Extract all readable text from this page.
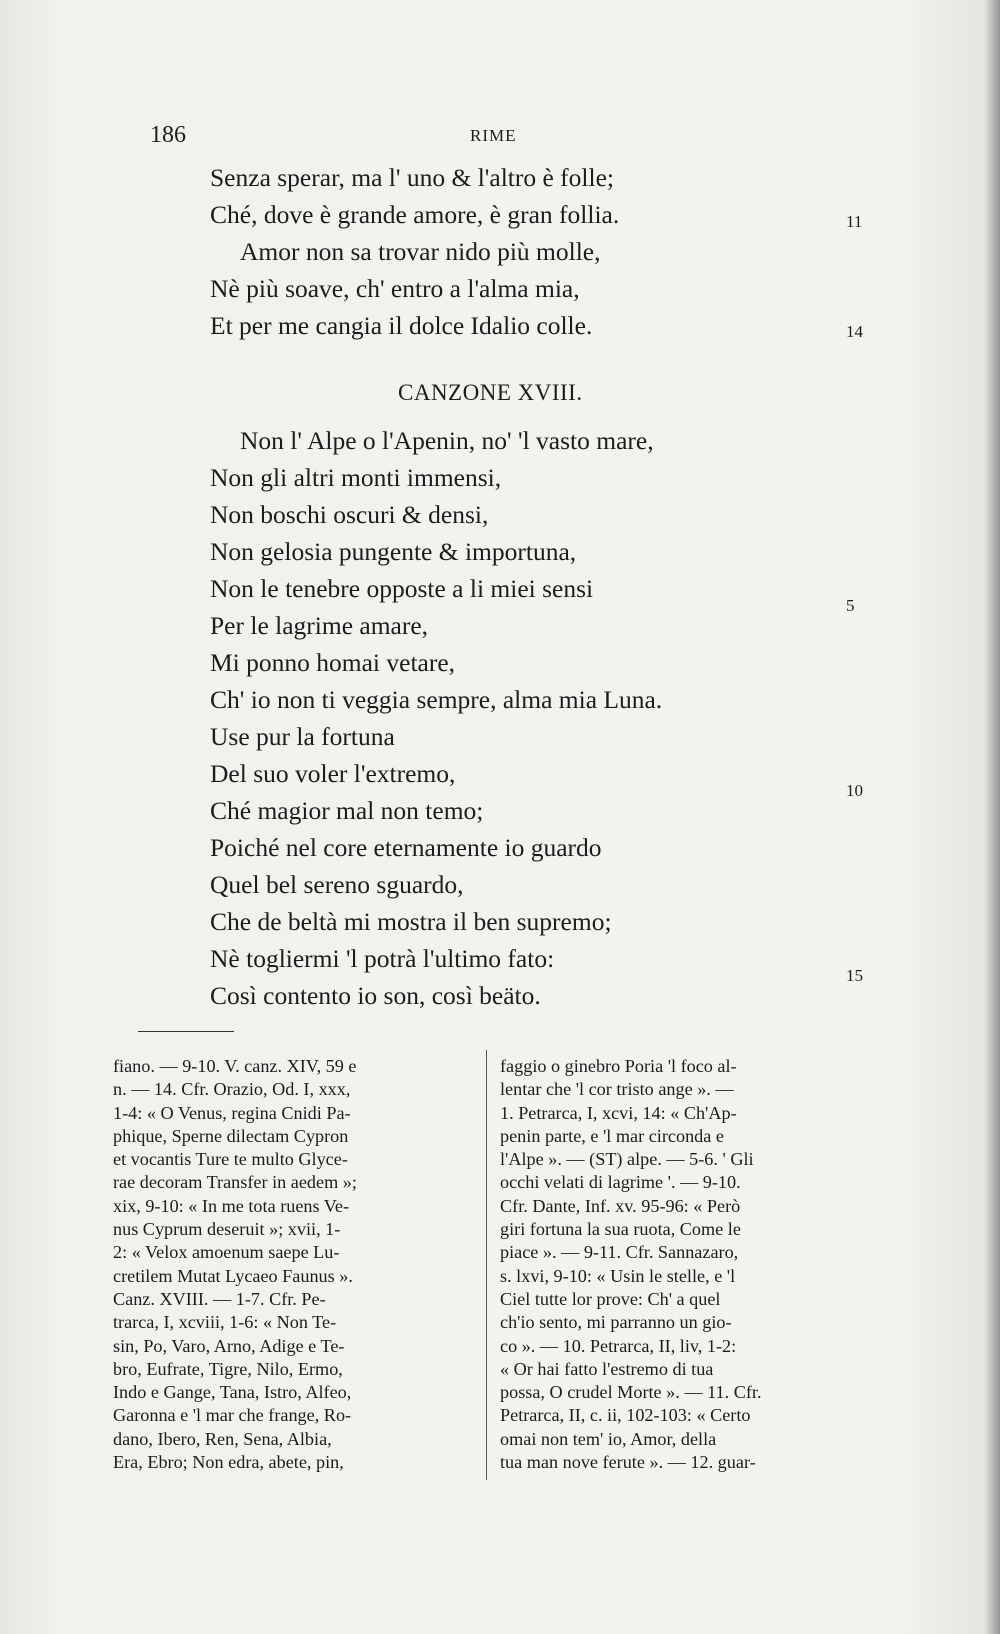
186	RIME
Senza sperar, ma l' uno & l'altro è folle;
Ché, dove è grande amore, è gran follia.
Amor non sa trovar nido più molle,
Nè più soave, ch' entro a l'alma mia,
Et per me cangia il dolce Idalio colle.
CANZONE XVIII.
Non l' Alpe o l'Apenin, no' 'l vasto mare,
Non gli altri monti immensi,
Non boschi oscuri & densi,
Non gelosia pungente & importuna,
Non le tenebre opposte a li miei sensi
Per le lagrime amare,
Mi ponno homai vetare,
Ch' io non ti veggia sempre, alma mia Luna.
Use pur la fortuna
Del suo voler l'extremo,
Ché magior mal non temo;
Poiché nel core eternamente io guardo
Quel bel sereno sguardo,
Che de beltà mi mostra il ben supremo;
Nè togliermi 'l potrà l'ultimo fato:
Così contento io son, così beäto.
11
14
5
10
15
fiano. — 9-10. V. canz. XIV, 59 e
n. — 14. Cfr. Orazio, Od. I, xxx,
1-4: « O Venus, regina Cnidi Pa-
phique, Sperne dilectam Cypron
et vocantis Ture te multo Glyce-
rae decoram Transfer in aedem »;
xix, 9-10: « In me tota ruens Ve-
nus Cyprum deseruit »; xvii, 1-
2: « Velox amoenum saepe Lu-
cretilem Mutat Lycaeo Faunus ».
Canz. XVIII. — 1-7. Cfr. Pe-
trarca, I, xcviii, 1-6: « Non Te-
sin, Po, Varo, Arno, Adige e Te-
bro, Eufrate, Tigre, Nilo, Ermo,
Indo e Gange, Tana, Istro, Alfeo,
Garonna e 'l mar che frange, Ro-
dano, Ibero, Ren, Sena, Albia,
Era, Ebro; Non edra, abete, pin,
faggio o ginebro Poria 'l foco al-
lentar che 'l cor tristo ange ». —
1. Petrarca, I, xcvi, 14: « Ch'Ap-
penin parte, e 'l mar circonda e
l'Alpe ». — (ST) alpe. — 5-6. ' Gli
occhi velati di lagrime '. — 9-10.
Cfr. Dante, Inf. xv. 95-96: « Però
giri fortuna la sua ruota, Come le
piace ». — 9-11. Cfr. Sannazaro,
s. lxvi, 9-10: « Usin le stelle, e 'l
Ciel tutte lor prove: Ch' a quel
ch'io sento, mi parranno un gio-
co ». — 10. Petrarca, II, liv, 1-2:
« Or hai fatto l'estremo di tua
possa, O crudel Morte ». — 11. Cfr.
Petrarca, II, c. ii, 102-103: « Certo
omai non tem' io, Amor, della
tua man nove ferute ». — 12. guar-
